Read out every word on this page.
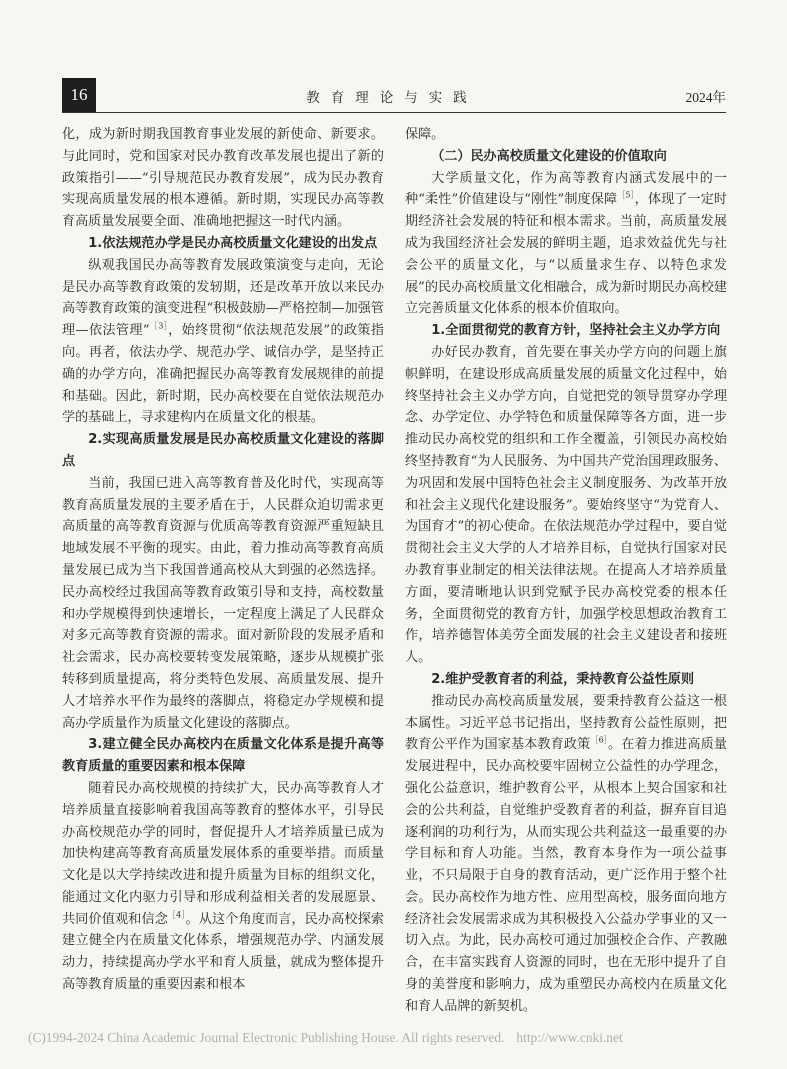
16	教育理论与实践	2024年

化，成为新时期我国教育事业发展的新使命、新要求。与此同时，党和国家对民办教育改革发展也提出了新的政策指引——“引导规范民办教育发展”，成为民办教育实现高质量发展的根本遵循。新时期，实现民办高等教育高质量发展要全面、准确地把握这一时代内涵。

1.依法规范办学是民办高校质量文化建设的出发点

纵观我国民办高等教育发展政策演变与走向，无论是民办高等教育政策的发轫期，还是改革开放以来民办高等教育政策的演变进程“积极鼓励—严格控制—加强管理—依法管理”$^{[3]}$，始终贯彻“依法规范发展”的政策指向。再者，依法办学、规范办学、诚信办学，是坚持正确的办学方向，准确把握民办高等教育发展规律的前提和基础。因此，新时期，民办高校要在自觉依法规范办学的基础上，寻求建构内在质量文化的根基。

2.实现高质量发展是民办高校质量文化建设的落脚点

当前，我国已进入高等教育普及化时代，实现高等教育高质量发展的主要矛盾在于，人民群众迫切需求更高质量的高等教育资源与优质高等教育资源严重短缺且地域发展不平衡的现实。由此，着力推动高等教育高质量发展已成为当下我国普通高校从大到强的必然选择。民办高校经过我国高等教育政策引导和支持，高校数量和办学规模得到快速增长，一定程度上满足了人民群众对多元高等教育资源的需求。面对新阶段的发展矛盾和社会需求，民办高校要转变发展策略，逐步从规模扩张转移到质量提高，将分类特色发展、高质量发展、提升人才培养水平作为最终的落脚点，将稳定办学规模和提高办学质量作为质量文化建设的落脚点。

3.建立健全民办高校内在质量文化体系是提升高等教育质量的重要因素和根本保障

随着民办高校规模的持续扩大，民办高等教育人才培养质量直接影响着我国高等教育的整体水平，引导民办高校规范办学的同时，督促提升人才培养质量已成为加快构建高等教育高质量发展体系的重要举措。而质量文化是以大学持续改进和提升质量为目标的组织文化，能通过文化内驱力引导和形成利益相关者的发展愿景、共同价值观和信念$^{[4]}$。从这个角度而言，民办高校探索建立健全内在质量文化体系，增强规范办学、内涵发展动力，持续提高办学水平和育人质量，就成为整体提升高等教育质量的重要因素和根本

保障。

（二）民办高校质量文化建设的价值取向

大学质量文化，作为高等教育内涵式发展中的一种“柔性”价值建设与“刚性”制度保障$^{[5]}$，体现了一定时期经济社会发展的特征和根本需求。当前，高质量发展成为我国经济社会发展的鲜明主题，追求效益优先与社会公平的质量文化，与“以质量求生存、以特色求发展”的民办高校质量文化相融合，成为新时期民办高校建立完善质量文化体系的根本价值取向。

1.全面贯彻党的教育方针，坚持社会主义办学方向

办好民办教育，首先要在事关办学方向的问题上旗帜鲜明，在建设形成高质量发展的质量文化过程中，始终坚持社会主义办学方向，自觉把党的领导贯穿办学理念、办学定位、办学特色和质量保障等各方面，进一步推动民办高校党的组织和工作全覆盖，引领民办高校始终坚持教育“为人民服务、为中国共产党治国理政服务、为巩固和发展中国特色社会主义制度服务、为改革开放和社会主义现代化建设服务”。要始终坚守“为党育人、为国育才”的初心使命。在依法规范办学过程中，要自觉贯彻社会主义大学的人才培养目标，自觉执行国家对民办教育事业制定的相关法律法规。在提高人才培养质量方面，要清晰地认识到党赋予民办高校党委的根本任务，全面贯彻党的教育方针，加强学校思想政治教育工作，培养德智体美劳全面发展的社会主义建设者和接班人。

2.维护受教育者的利益，秉持教育公益性原则

推动民办高校高质量发展，要秉持教育公益这一根本属性。习近平总书记指出，坚持教育公益性原则，把教育公平作为国家基本教育政策$^{[6]}$。在着力推进高质量发展进程中，民办高校要牢固树立公益性的办学理念，强化公益意识，维护教育公平，从根本上契合国家和社会的公共利益，自觉维护受教育者的利益，摒弃盲目追逐利润的功利行为，从而实现公共利益这一最重要的办学目标和育人功能。当然，教育本身作为一项公益事业，不只局限于自身的教育活动，更广泛作用于整个社会。民办高校作为地方性、应用型高校，服务面向地方经济社会发展需求成为其积极投入公益办学事业的又一切入点。为此，民办高校可通过加强校企合作、产教融合，在丰富实践育人资源的同时，也在无形中提升了自身的美誉度和影响力，成为重塑民办高校内在质量文化和育人品牌的新契机。

(C)1994-2024 China Academic Journal Electronic Publishing House. All rights reserved. http://www.cnki.net
